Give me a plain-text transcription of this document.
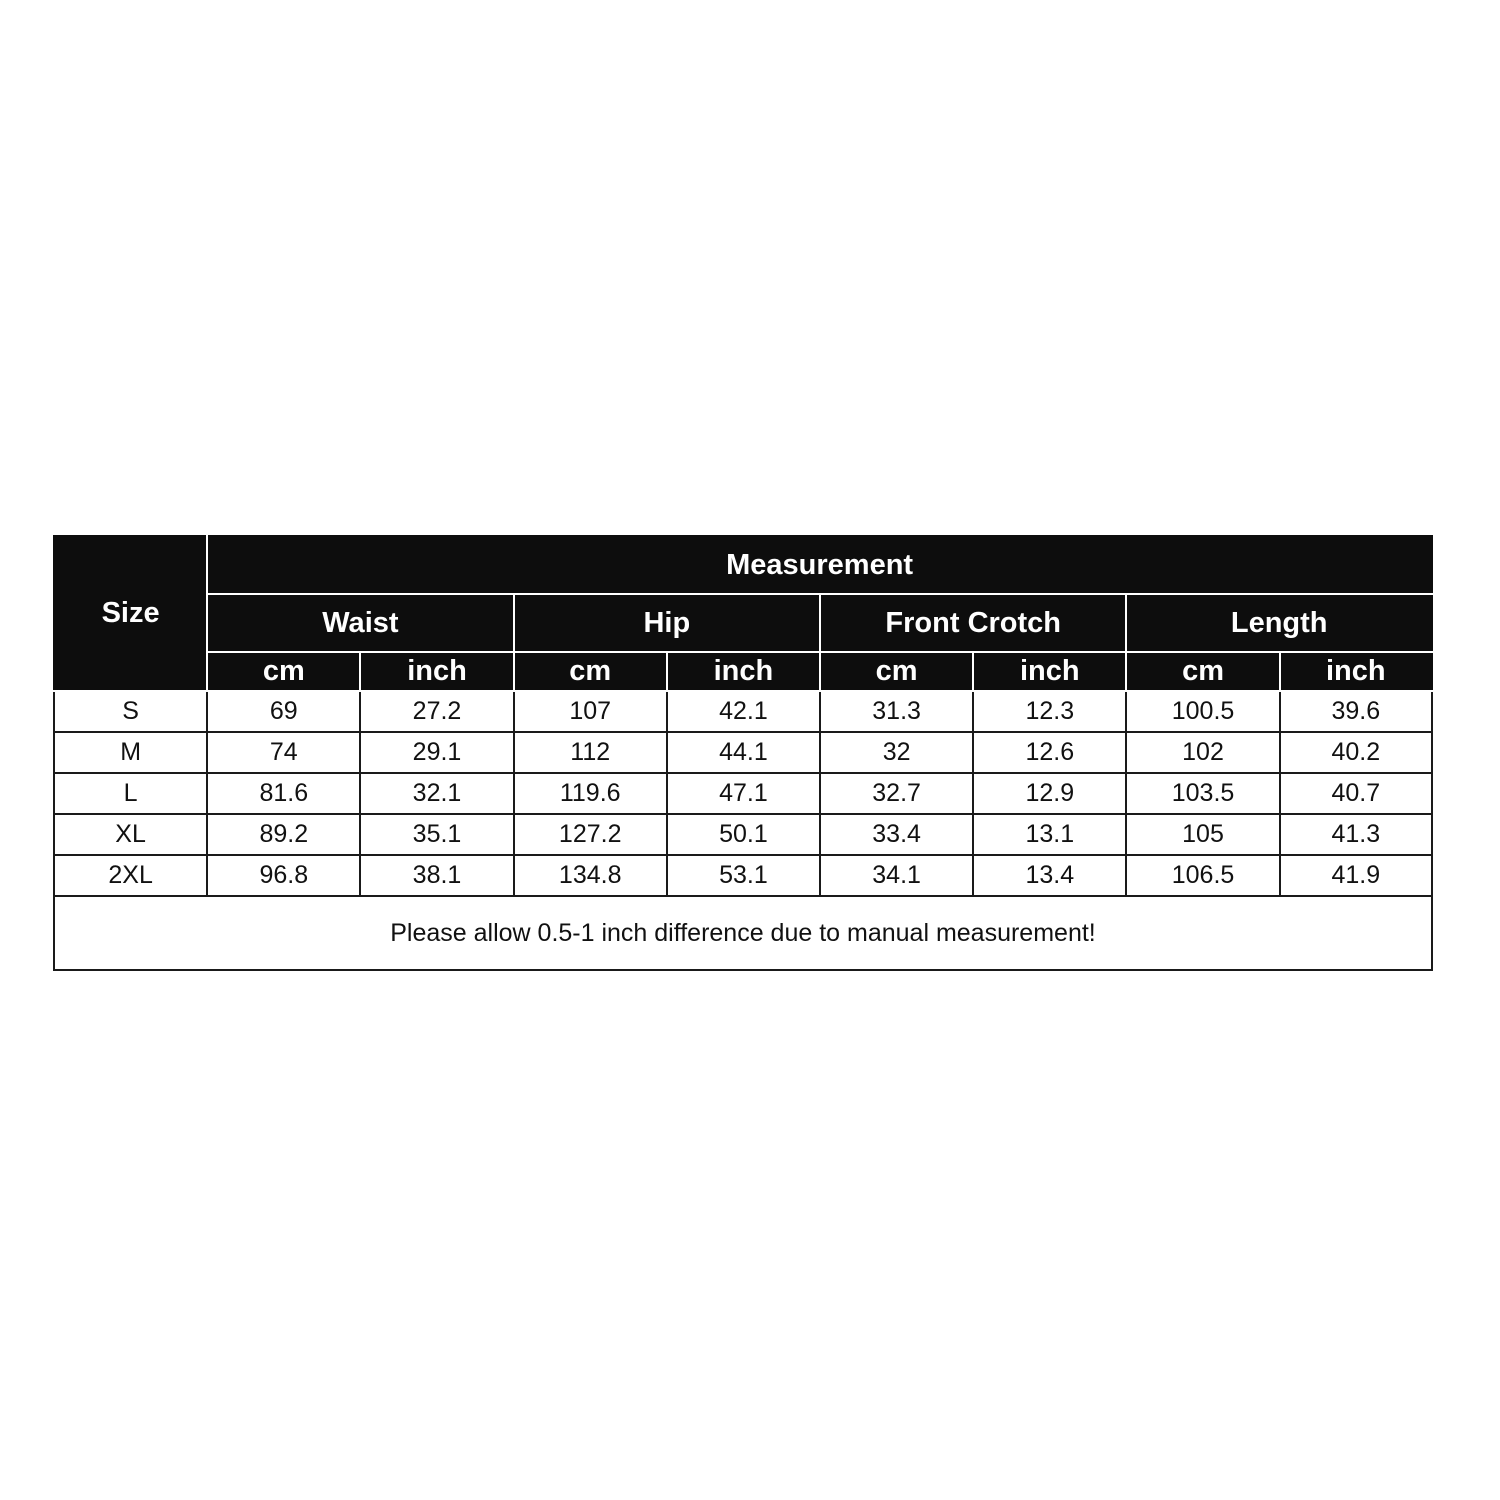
Size	Measurement							
	Waist		Hip		Front Crotch		Length	
	cm	inch	cm	inch	cm	inch	cm	inch
S	69	27.2	107	42.1	31.3	12.3	100.5	39.6
M	74	29.1	112	44.1	32	12.6	102	40.2
L	81.6	32.1	119.6	47.1	32.7	12.9	103.5	40.7
XL	89.2	35.1	127.2	50.1	33.4	13.1	105	41.3
2XL	96.8	38.1	134.8	53.1	34.1	13.4	106.5	41.9
Please allow 0.5-1 inch difference due to manual measurement!								
